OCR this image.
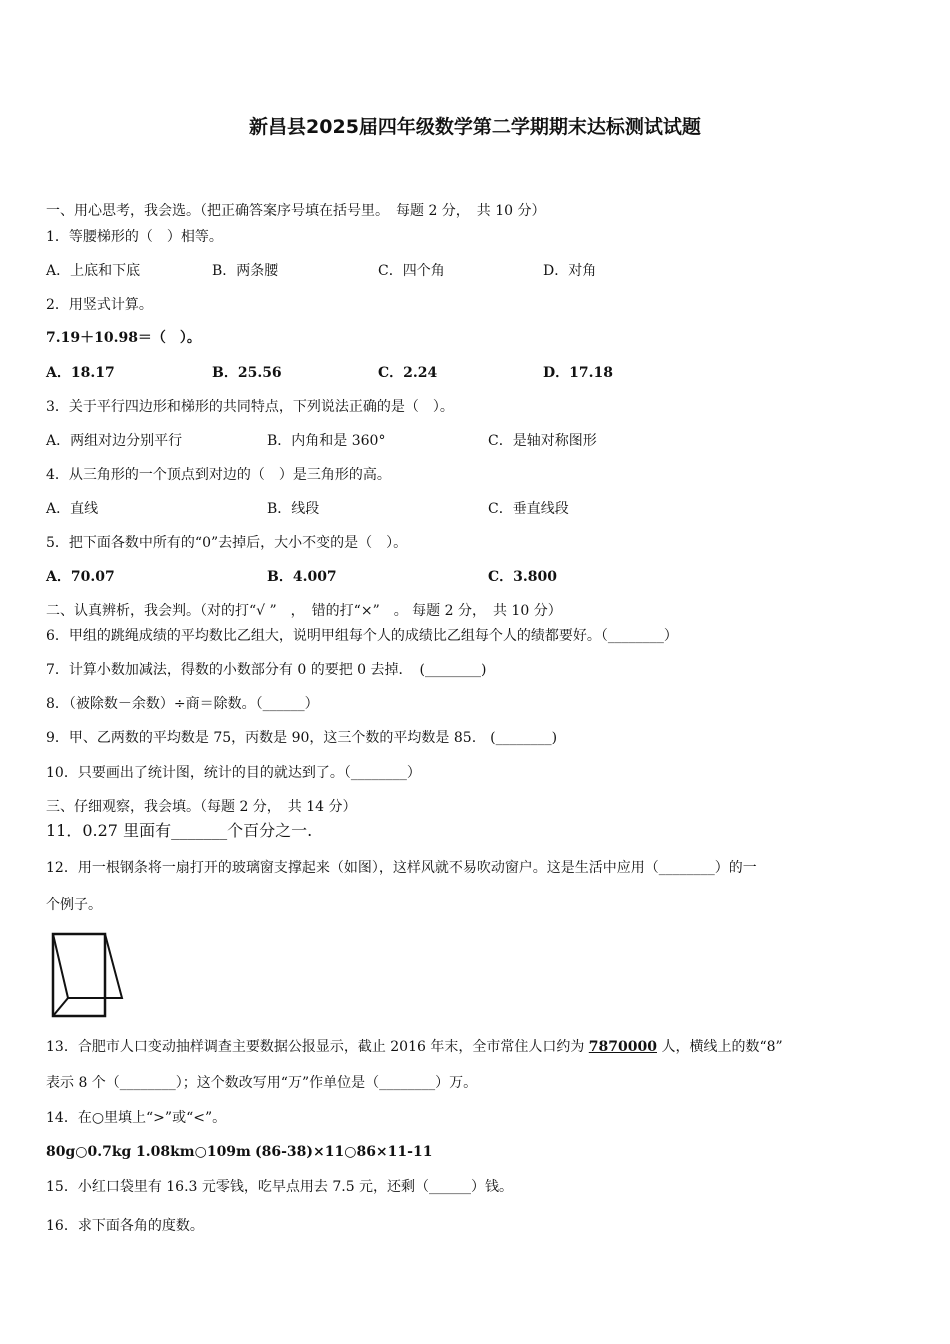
新昌县2025届四年级数学第二学期期末达标测试试题
一、用心思考，我会选。（把正确答案序号填在括号里。　每题 2 分，　共 10 分）
1．等腰梯形的（　）相等。
A．上底和下底	B．两条腰	C．四个角	D．对角
2．用竖式计算。
7.19＋10.98＝（　）。
A．18.17	B．25.56	C．2.24	D．17.18
3．关于平行四边形和梯形的共同特点，下列说法正确的是（　）。
A．两组对边分别平行	B．内角和是 360°	C．是轴对称图形
4．从三角形的一个顶点到对边的（　）是三角形的高。
A．直线	B．线段	C．垂直线段
5．把下面各数中所有的“0”去掉后，大小不变的是（　）。
A．70.07	B．4.007	C．3.800
二、认真辨析，我会判。（对的打“√ ”　，　错的打“×”　。 每题 2 分，　共 10 分）
6．甲组的跳绳成绩的平均数比乙组大，说明甲组每个人的成绩比乙组每个人的绩都要好。（________）
7．计算小数加减法，得数的小数部分有 0 的要把 0 去掉．　(________)
8．（被除数－余数）÷商＝除数。（______）
9．甲、乙两数的平均数是 75，丙数是 90，这三个数的平均数是 85.　(________)
10．只要画出了统计图，统计的目的就达到了。（________）
三、仔细观察，我会填。（每题 2 分，　共 14 分）
11．0.27 里面有_______个百分之一.
12．用一根钢条将一扇打开的玻璃窗支撑起来（如图），这样风就不易吹动窗户。这是生活中应用（________）的一
个例子。
13．合肥市人口变动抽样调查主要数据公报显示，截止 2016 年末，全市常住人口约为 7870000 人，横线上的数“8”
表示 8 个（________）；这个数改写用“万”作单位是（________）万。
14．在○里填上“>”或“<”。
80g○0.7kg 1.08km○109m (86-38)×11○86×11-11
15．小红口袋里有 16.3 元零钱，吃早点用去 7.5 元，还剩（______）钱。
16．求下面各角的度数。
